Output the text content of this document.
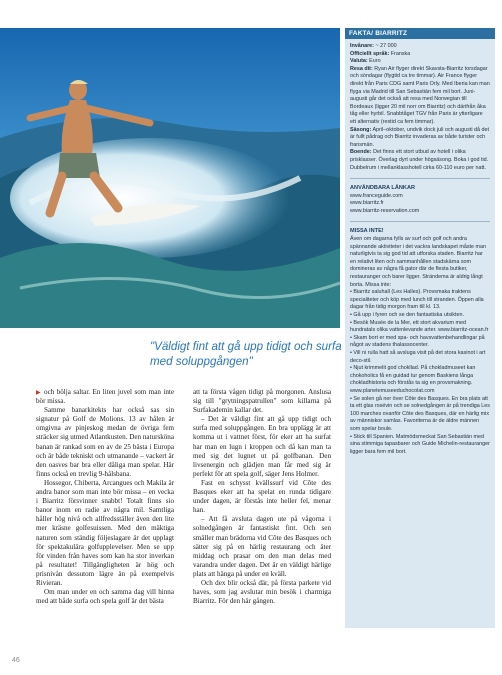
FAKTA/ BIARRITZ

Invånare: ~ 27 000

Officiellt språk: Franska

Valuta: Euro

Resa dit: Ryan Air flyger direkt Skavsta-Biarritz torsdagar och söndagar (flygtid ca tre timmar). Air France flyger direkt från Paris CDG samt Paris Orly. Med Iberia kan man flyga via Madrid till San Sebastián fem mil bort. Juni-augusti går det också att resa med Norwegian till Bordeaux (ligger 20 mil norr om Biarritz) och därifrån åka tåg eller hyrbil. Snabbtåget TGV från Paris är ytterligare ett alternativ (restid ca fem timmar).

Säsong: April–oktober, undvik dock juli och augusti då det är fullt pådrag och Biarritz invaderas av både turister och fransmän.

Boende: Det finns ett stort utbud av hotell i olika prisklasser. Överlag dyrt under högsäsong. Boka i god tid. Dubbelrum i mellanklasshotell cirka 60-110 euro per natt.

ANVÄNDBARA LÄNKAR

www.franceguide.com

www.biarritz.fr

www.biarritz-reservation.com

MISSA INTE!

Även om dagarna fylls av surf och golf och andra spännande aktiviteter i det vackra landskapet måste man naturligtvis ta sig god tid att utforska staden. Biarritz har en relativt liten och sammanhållen stadskärna som domineras av några få gator där de flesta butiker, restauranger och barer ligger. Strändema är aldrig långt borta. Missa inte:

• Biarritz saluhall (Les Halles). Provsmaka traktens specialiteter och köp med lunch till stranden. Öppen alla dagar från tidig morgon fram till kl. 13.

• Gå upp i fyren och se den fantastiska utsikten.

• Besök Musée de la Mer, ett stort akvarium med hundratals olika vattenlevande arter. www.biarritz-ocean.fr

• Skam bort er med spa- och havsvattenbehandlingar på något av stadens thalassocenter.

• Vill ni rulla hatt så avsluga visit på det stora kasinot i art deco-stil.

• Njut krimmelit god chokllad. På chokladmuseet kan chokoholics få en guidad tur genom Baskiens långa chokladhistoria och förstås ta sig en provsmakning. www.planetemuseeduchocolat.com

• Se solen gå ner över Côte des Basques. En bra plats att ta ett glas rosévin och se solnedgången är på trendiga Les 100 marches ovanför Côte des Basques, där en härlig mix av människor samlas. Favoriterna är de äldre männen som spelar boule.

• Stick till Spanien. Matmödsmeckat San Sebastián med sina stimmiga tapasbarer och Guide Michelin-restauranger ligger bara fem mil bort.

"Väldigt fint att gå upp tidigt och surfa med soluppgången"

▶ och bölja saltar. En liten juvel som man inte bör missa.

Samme banarkitekts har också sas sin signatur på Golf de Molions. 13 av hålen är omgivna av pinjeskog medan de övriga fem sträcker sig utmed Atlantkusten. Den naturskönа banan är rankad som en av de 25 bästa i Europa och är både tekniskt och utmanande – vackert är den oasves bar bra eller dåliga man spelar. Här finns också en trevlig 9-hålsbana.

Hossegor, Chiberta, Arcangues och Makila är andra banor som man inte bör missa – en vecka i Biarritz försvinner snabbt! Totalt finns sio banor inom en radie av några mil. Samtliga håller hög nivå och allfredsställer även den lite mer kräsne golfesuissen. Med den mäktiga naturen som ständig följeslagare är det upplagt för spektakulära golfupplevelser. Men se upp för vinden från haves som kan ha stor inverkan på resultatet! Tillgängligheten är hög och prisnivån dessutom lägre än på exempelvis Rivieran.

Om man under en och samma dag vill hinna med att både surfa och spela golf är det bästa

att ta första vågen tidigt på morgonen. Anslusa sig till "grytningspatrullen" som killarna på Surfakademin kallar det.

– Det är väldigt fint att gå upp tidigt och surfa med soluppgången. En bra upplägg är att komma ut i vattnet först, för eker att ha surfat har man en lugn i kroppen och då kan man ta med sig det lugnet ut på golfbanan. Den livsenergin och glädjen man får med sig är perfekt för att spela golf, säger Jens Holmer.

Fast en schysst kvällssurf vid Côte des Basques eker att ha spelat en runda tidigare under dagen, är förstås inte heller fel, menar han.

– Att få avsluta dagen ute på vågorna i solnedgången är fantastiskt fint. Och sen smäller man brädorna vid Côte des Basques och sätter sig på en härlig restaurang och äter middag och prasar om den man delas med varandra under dagen. Det är en väldigt härlige plats att hänga på under en kväll.

Och dex blir också där, på första parkete vid haves, som jag avslutar min besök i charmiga Biarritz. För den här gången.

46
